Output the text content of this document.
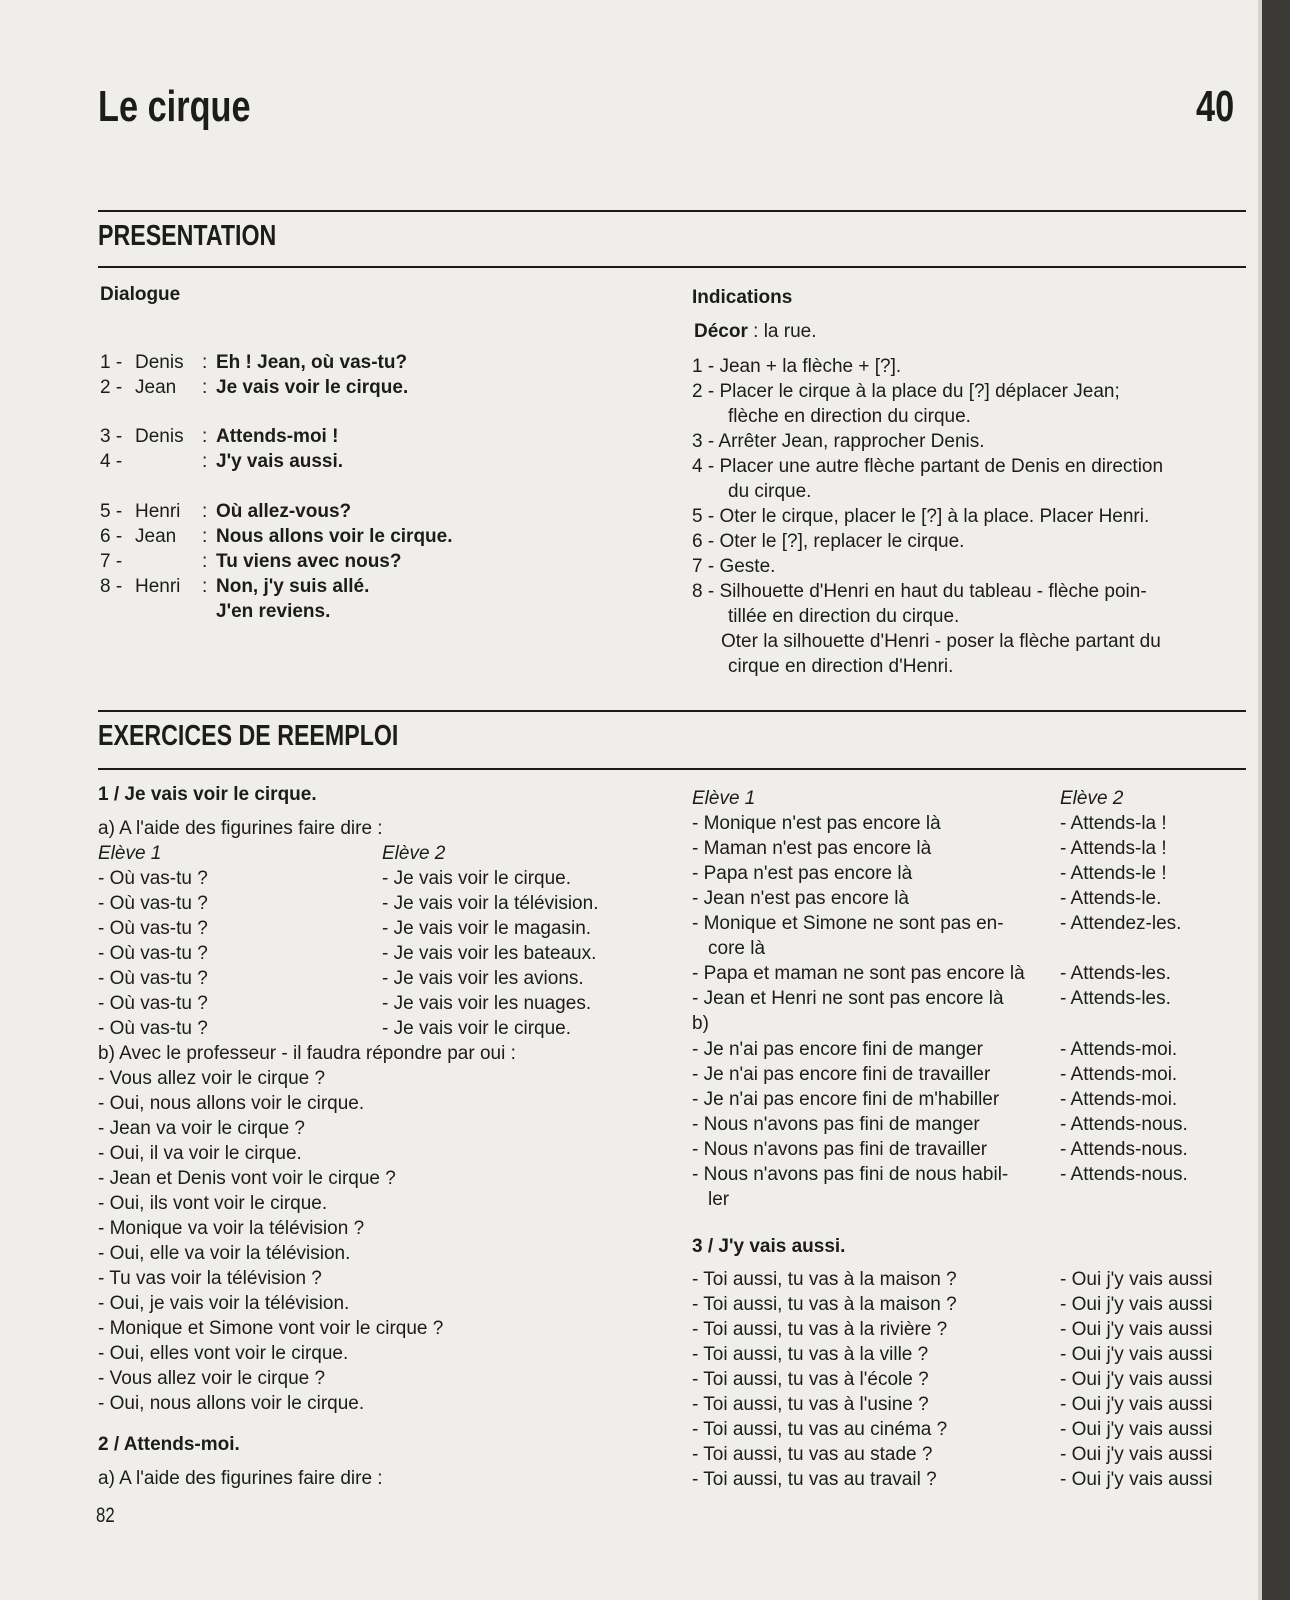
Le cirque	40
PRESENTATION
Dialogue
1 - Denis : Eh ! Jean, où vas-tu?
2 - Jean : Je vais voir le cirque.
3 - Denis : Attends-moi !
4 -	: J'y vais aussi.
5 - Henri : Où allez-vous?
6 - Jean : Nous allons voir le cirque.
7 -	: Tu viens avec nous?
8 - Henri : Non, j'y suis allé.
J'en reviens.
Indications
Décor : la rue.
1 - Jean + la flèche + [?].
2 - Placer le cirque à la place du [?] déplacer Jean;
flèche en direction du cirque.
3 - Arrêter Jean, rapprocher Denis.
4 - Placer une autre flèche partant de Denis en direction
du cirque.
5 - Oter le cirque, placer le [?] à la place. Placer Henri.
6 - Oter le [?], replacer le cirque.
7 - Geste.
8 - Silhouette d'Henri en haut du tableau - flèche poin-
tillée en direction du cirque.
Oter la silhouette d'Henri - poser la flèche partant du
cirque en direction d'Henri.
EXERCICES DE REEMPLOI
1 / Je vais voir le cirque.
a) A l'aide des figurines faire dire :
Elève 1	Elève 2
- Où vas-tu ?	- Je vais voir le cirque.
- Où vas-tu ?	- Je vais voir la télévision.
- Où vas-tu ?	- Je vais voir le magasin.
- Où vas-tu ?	- Je vais voir les bateaux.
- Où vas-tu ?	- Je vais voir les avions.
- Où vas-tu ?	- Je vais voir les nuages.
- Où vas-tu ?	- Je vais voir le cirque.
b) Avec le professeur - il faudra répondre par oui :
- Vous allez voir le cirque ?
- Oui, nous allons voir le cirque.
- Jean va voir le cirque ?
- Oui, il va voir le cirque.
- Jean et Denis vont voir le cirque ?
- Oui, ils vont voir le cirque.
- Monique va voir la télévision ?
- Oui, elle va voir la télévision.
- Tu vas voir la télévision ?
- Oui, je vais voir la télévision.
- Monique et Simone vont voir le cirque ?
- Oui, elles vont voir le cirque.
- Vous allez voir le cirque ?
- Oui, nous allons voir le cirque.
2 / Attends-moi.
a) A l'aide des figurines faire dire :
Elève 1	Elève 2
- Monique n'est pas encore là	- Attends-la !
- Maman n'est pas encore là	- Attends-la !
- Papa n'est pas encore là	- Attends-le !
- Jean n'est pas encore là	- Attends-le.
- Monique et Simone ne sont pas en-	- Attendez-les.
core là
- Papa et maman ne sont pas encore là - Attends-les.
- Jean et Henri ne sont pas encore là	- Attends-les.
b)
- Je n'ai pas encore fini de manger	- Attends-moi.
- Je n'ai pas encore fini de travailler	- Attends-moi.
- Je n'ai pas encore fini de m'habiller	- Attends-moi.
- Nous n'avons pas fini de manger	- Attends-nous.
- Nous n'avons pas fini de travailler	- Attends-nous.
- Nous n'avons pas fini de nous habil-	- Attends-nous.
ler
3 / J'y vais aussi.
- Toi aussi, tu vas à la maison ?	- Oui j'y vais aussi
- Toi aussi, tu vas à la maison ?	- Oui j'y vais aussi
- Toi aussi, tu vas à la rivière ?	- Oui j'y vais aussi
- Toi aussi, tu vas à la ville ?	- Oui j'y vais aussi
- Toi aussi, tu vas à l'école ?	- Oui j'y vais aussi
- Toi aussi, tu vas à l'usine ?	- Oui j'y vais aussi
- Toi aussi, tu vas au cinéma ?	- Oui j'y vais aussi
- Toi aussi, tu vas au stade ?	- Oui j'y vais aussi
- Toi aussi, tu vas au travail ?	- Oui j'y vais aussi
82
